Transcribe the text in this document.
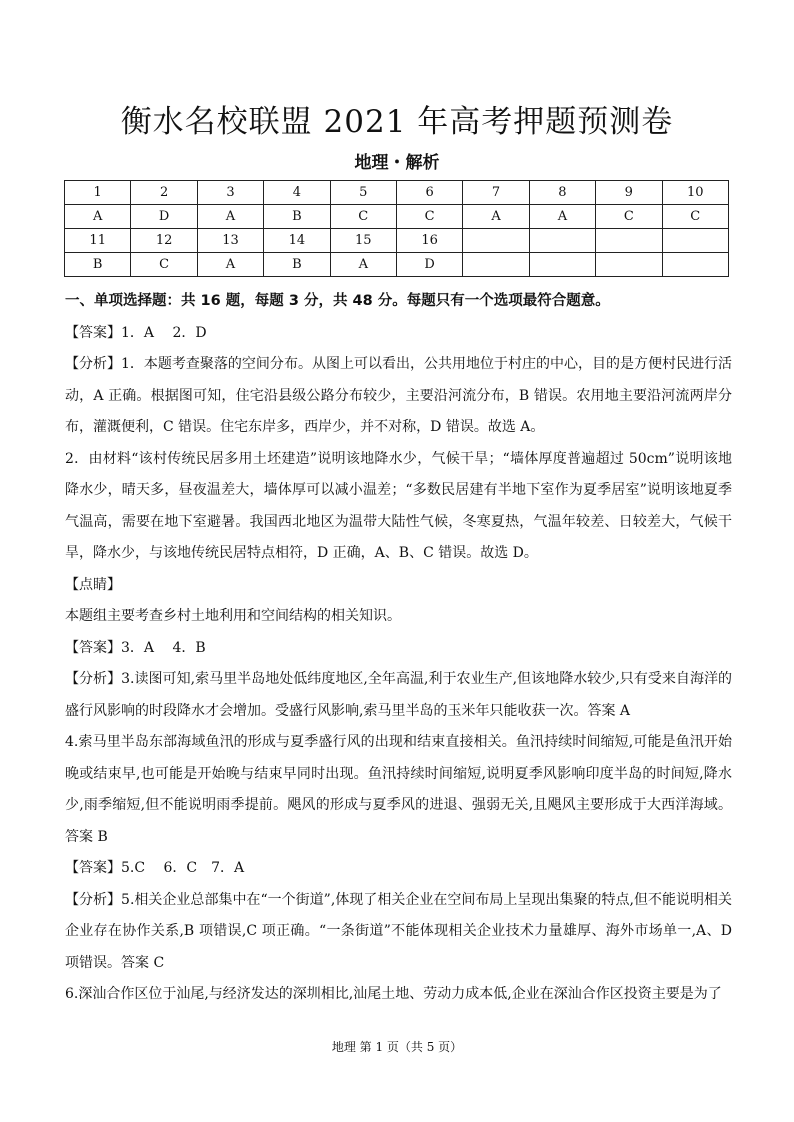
衡水名校联盟 2021 年高考押题预测卷
地理・解析
1	2	3	4	5	6	7	8	9	10
A	D	A	B	C	C	A	A	C	C
11	12	13	14	15	16				
B	C	A	B	A	D				

一、单项选择题：共 16 题，每题 3 分，共 48 分。每题只有一个选项最符合题意。

【答案】1．A　 2．D

【分析】1．本题考查聚落的空间分布。从图上可以看出，公共用地位于村庄的中心，目的是方便村民进行活动，A 正确。根据图可知，住宅沿县级公路分布较少，主要沿河流分布，B 错误。农用地主要沿河流两岸分布，灌溉便利，C 错误。住宅东岸多，西岸少，并不对称，D 错误。故选 A。

2．由材料“该村传统民居多用土坯建造”说明该地降水少，气候干旱；“墙体厚度普遍超过 50cm”说明该地降水少，晴天多，昼夜温差大，墙体厚可以减小温差；“多数民居建有半地下室作为夏季居室”说明该地夏季气温高，需要在地下室避暑。我国西北地区为温带大陆性气候，冬寒夏热，气温年较差、日较差大，气候干旱，降水少，与该地传统民居特点相符，D 正确，A、B、C 错误。故选 D。

【点睛】

本题组主要考查乡村土地利用和空间结构的相关知识。

【答案】3．A　 4．B

【分析】3.读图可知,索马里半岛地处低纬度地区,全年高温,利于农业生产,但该地降水较少,只有受来自海洋的盛行风影响的时段降水才会增加。受盛行风影响,索马里半岛的玉米年只能收获一次。答案 A

4.索马里半岛东部海域鱼汛的形成与夏季盛行风的出现和结束直接相关。鱼汛持续时间缩短,可能是鱼汛开始晚或结束早,也可能是开始晚与结束早同时出现。鱼汛持续时间缩短,说明夏季风影响印度半岛的时间短,降水少,雨季缩短,但不能说明雨季提前。飓风的形成与夏季风的进退、强弱无关,且飓风主要形成于大西洋海域。答案 B

【答案】5.C　 6．C　7．A

【分析】5.相关企业总部集中在“一个街道”,体现了相关企业在空间布局上呈现出集聚的特点,但不能说明相关企业存在协作关系,B 项错误,C 项正确。“一条街道”不能体现相关企业技术力量雄厚、海外市场单一,A、D 项错误。答案 C

6.深汕合作区位于汕尾,与经济发达的深圳相比,汕尾土地、劳动力成本低,企业在深汕合作区投资主要是为了

地理 第 1 页（共 5 页）
